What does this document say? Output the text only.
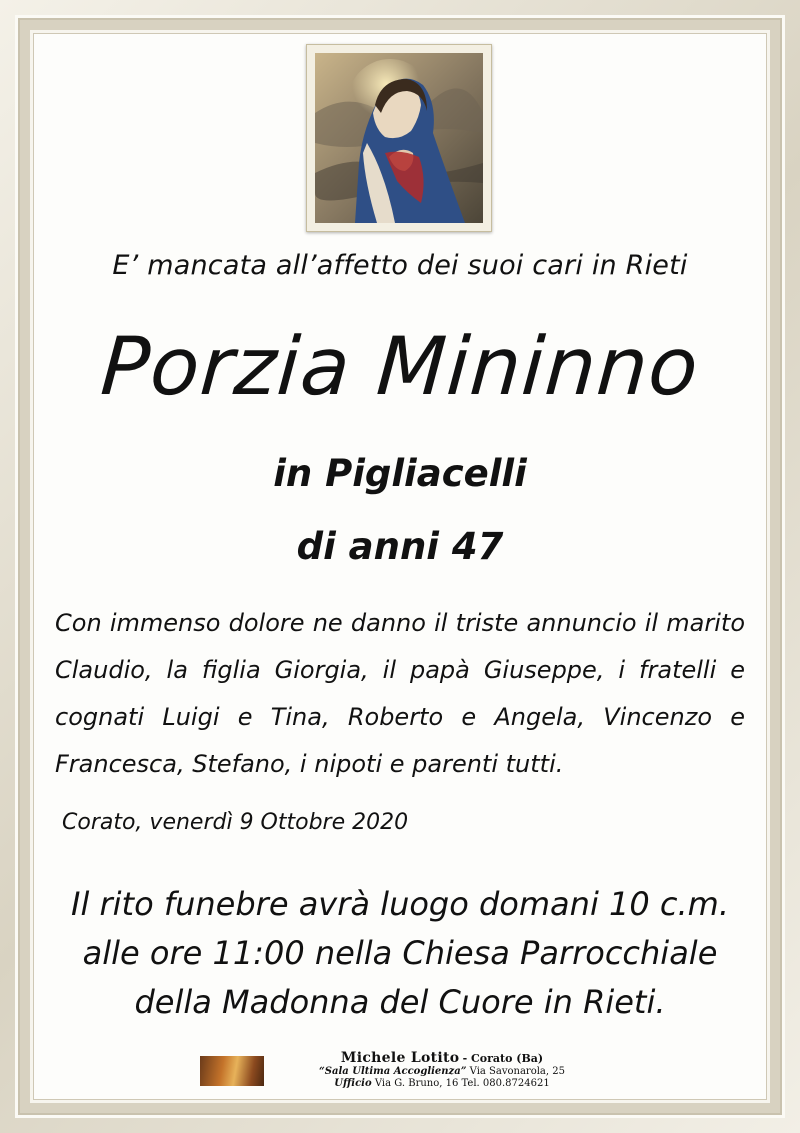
E’ mancata all’affetto dei suoi cari in Rieti
Porzia Mininno
in Pigliacelli
di anni 47
Con immenso dolore ne danno il triste annuncio il marito Claudio, la figlia Giorgia, il papà Giuseppe, i fratelli e cognati Luigi e Tina, Roberto e Angela, Vincenzo e Francesca, Stefano, i nipoti e parenti tutti.
Corato, venerdì 9 Ottobre 2020
Il rito funebre avrà luogo domani 10 c.m. alle ore 11:00 nella Chiesa Parrocchiale della Madonna del Cuore in Rieti.
Michele Lotito - Corato (Ba)
“Sala Ultima Accoglienza” Via Savonarola, 25
Ufficio Via G. Bruno, 16 Tel. 080.8724621
